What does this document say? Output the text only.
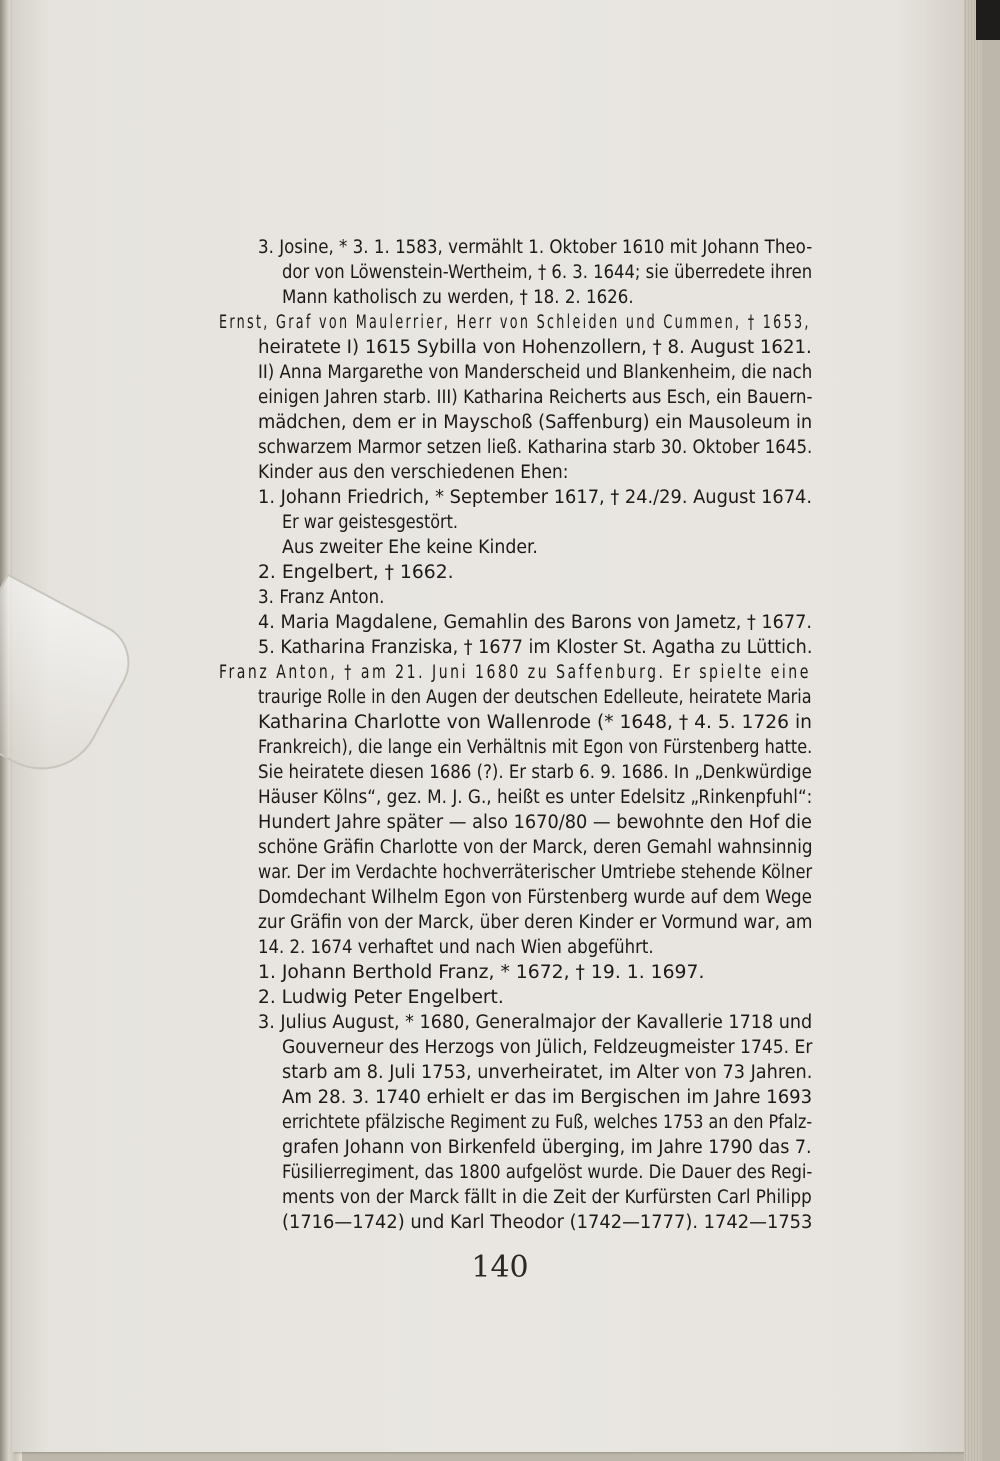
3. Josine, * 3. 1. 1583, vermählt 1. Oktober 1610 mit Johann Theo-
dor von Löwenstein-Wertheim, † 6. 3. 1644; sie überredete ihren
Mann katholisch zu werden, † 18. 2. 1626.
Ernst, Graf von Maulerrier, Herr von Schleiden und Cummen, † 1653,
heiratete I) 1615 Sybilla von Hohenzollern, † 8. August 1621.
II) Anna Margarethe von Manderscheid und Blankenheim, die nach
einigen Jahren starb. III) Katharina Reicherts aus Esch, ein Bauern-
mädchen, dem er in Mayschoß (Saffenburg) ein Mausoleum in
schwarzem Marmor setzen ließ. Katharina starb 30. Oktober 1645.
Kinder aus den verschiedenen Ehen:
1. Johann Friedrich, * September 1617, † 24./29. August 1674.
Er war geistesgestört.
Aus zweiter Ehe keine Kinder.
2. Engelbert, † 1662.
3. Franz Anton.
4. Maria Magdalene, Gemahlin des Barons von Jametz, † 1677.
5. Katharina Franziska, † 1677 im Kloster St. Agatha zu Lüttich.
Franz Anton, † am 21. Juni 1680 zu Saffenburg. Er spielte eine
traurige Rolle in den Augen der deutschen Edelleute, heiratete Maria
Katharina Charlotte von Wallenrode (* 1648, † 4. 5. 1726 in
Frankreich), die lange ein Verhältnis mit Egon von Fürstenberg hatte.
Sie heiratete diesen 1686 (?). Er starb 6. 9. 1686. In „Denkwürdige
Häuser Kölns“, gez. M. J. G., heißt es unter Edelsitz „Rinkenpfuhl“:
Hundert Jahre später — also 1670/80 — bewohnte den Hof die
schöne Gräfin Charlotte von der Marck, deren Gemahl wahnsinnig
war. Der im Verdachte hochverräterischer Umtriebe stehende Kölner
Domdechant Wilhelm Egon von Fürstenberg wurde auf dem Wege
zur Gräfin von der Marck, über deren Kinder er Vormund war, am
14. 2. 1674 verhaftet und nach Wien abgeführt.
1. Johann Berthold Franz, * 1672, † 19. 1. 1697.
2. Ludwig Peter Engelbert.
3. Julius August, * 1680, Generalmajor der Kavallerie 1718 und
Gouverneur des Herzogs von Jülich, Feldzeugmeister 1745. Er
starb am 8. Juli 1753, unverheiratet, im Alter von 73 Jahren.
Am 28. 3. 1740 erhielt er das im Bergischen im Jahre 1693
errichtete pfälzische Regiment zu Fuß, welches 1753 an den Pfalz-
grafen Johann von Birkenfeld überging, im Jahre 1790 das 7.
Füsilierregiment, das 1800 aufgelöst wurde. Die Dauer des Regi-
ments von der Marck fällt in die Zeit der Kurfürsten Carl Philipp
(1716—1742) und Karl Theodor (1742—1777). 1742—1753
140
